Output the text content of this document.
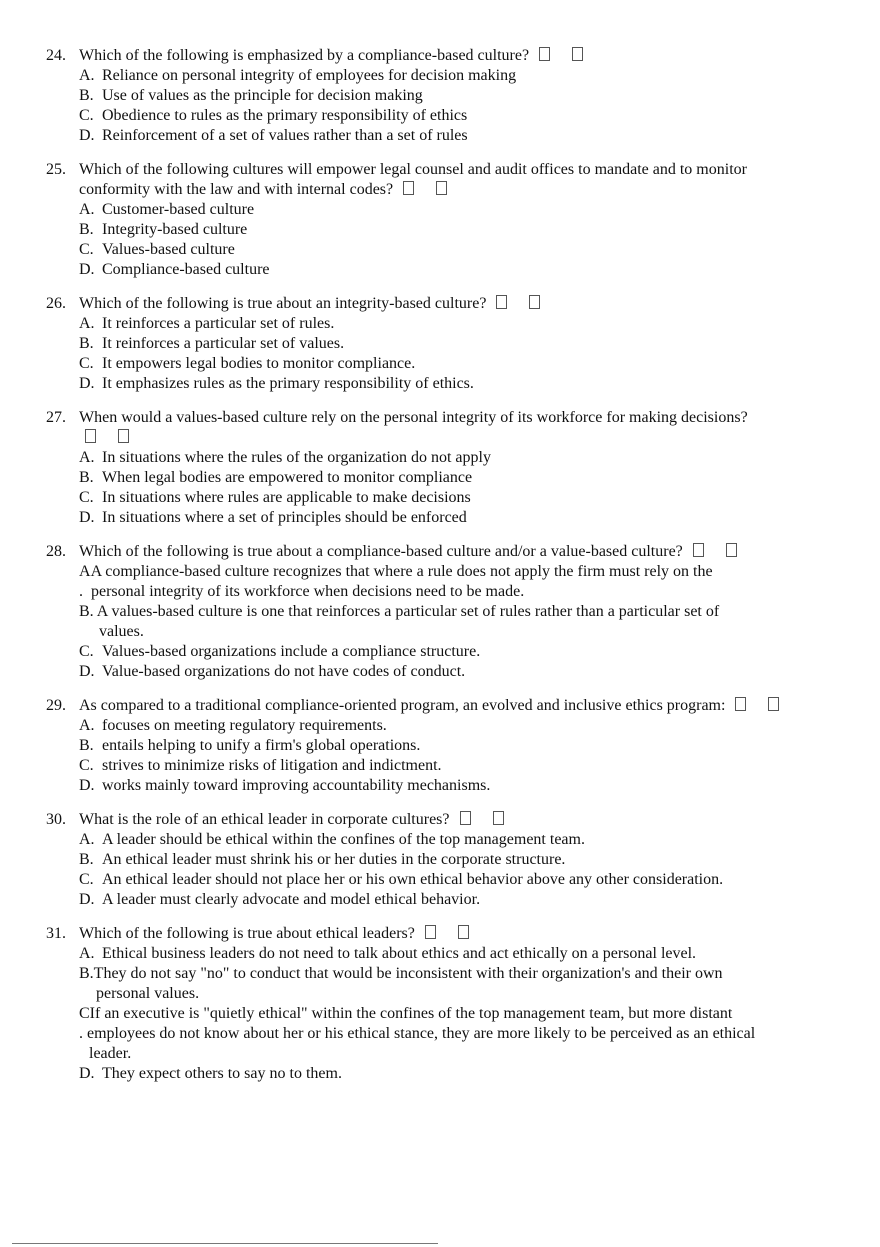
24. Which of the following is emphasized by a compliance-based culture?
A. Reliance on personal integrity of employees for decision making
B. Use of values as the principle for decision making
C. Obedience to rules as the primary responsibility of ethics
D. Reinforcement of a set of values rather than a set of rules
25. Which of the following cultures will empower legal counsel and audit offices to mandate and to monitor
conformity with the law and with internal codes?
A. Customer-based culture
B. Integrity-based culture
C. Values-based culture
D. Compliance-based culture
26. Which of the following is true about an integrity-based culture?
A. It reinforces a particular set of rules.
B. It reinforces a particular set of values.
C. It empowers legal bodies to monitor compliance.
D. It emphasizes rules as the primary responsibility of ethics.
27. When would a values-based culture rely on the personal integrity of its workforce for making decisions?
A. In situations where the rules of the organization do not apply
B. When legal bodies are empowered to monitor compliance
C. In situations where rules are applicable to make decisions
D. In situations where a set of principles should be enforced
28. Which of the following is true about a compliance-based culture and/or a value-based culture?
AA compliance-based culture recognizes that where a rule does not apply the firm must rely on the
. personal integrity of its workforce when decisions need to be made.
B. A values-based culture is one that reinforces a particular set of rules rather than a particular set of
values.
C. Values-based organizations include a compliance structure.
D. Value-based organizations do not have codes of conduct.
29. As compared to a traditional compliance-oriented program, an evolved and inclusive ethics program:
A. focuses on meeting regulatory requirements.
B. entails helping to unify a firm's global operations.
C. strives to minimize risks of litigation and indictment.
D. works mainly toward improving accountability mechanisms.
30. What is the role of an ethical leader in corporate cultures?
A. A leader should be ethical within the confines of the top management team.
B. An ethical leader must shrink his or her duties in the corporate structure.
C. An ethical leader should not place her or his own ethical behavior above any other consideration.
D. A leader must clearly advocate and model ethical behavior.
31. Which of the following is true about ethical leaders?
A. Ethical business leaders do not need to talk about ethics and act ethically on a personal level.
B.They do not say "no" to conduct that would be inconsistent with their organization's and their own
personal values.
CIf an executive is "quietly ethical" within the confines of the top management team, but more distant
. employees do not know about her or his ethical stance, they are more likely to be perceived as an ethical
leader.
D. They expect others to say no to them.
